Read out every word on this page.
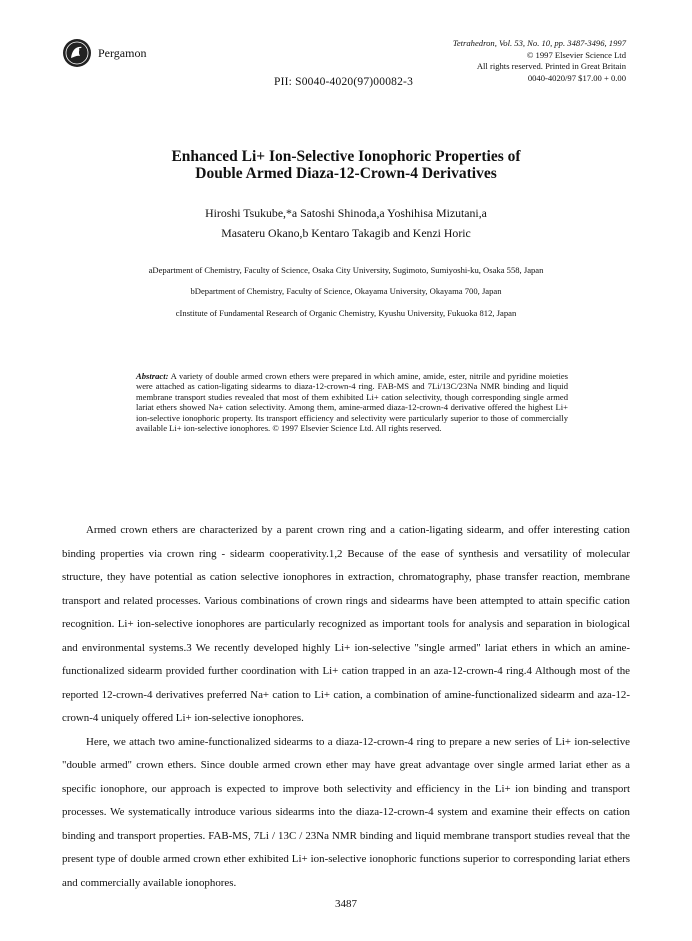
Pergamon
Tetrahedron, Vol. 53, No. 10, pp. 3487-3496, 1997
© 1997 Elsevier Science Ltd
All rights reserved. Printed in Great Britain
0040-4020/97 $17.00 + 0.00
PII: S0040-4020(97)00082-3
Enhanced Li+ Ion-Selective Ionophoric Properties of
Double Armed Diaza-12-Crown-4 Derivatives
Hiroshi Tsukube,*a Satoshi Shinoda,a Yoshihisa Mizutani,a
Masateru Okano,b Kentaro Takagib and Kenzi Horic
aDepartment of Chemistry, Faculty of Science, Osaka City University, Sugimoto, Sumiyoshi-ku, Osaka 558, Japan
bDepartment of Chemistry, Faculty of Science, Okayama University, Okayama 700, Japan
cInstitute of Fundamental Research of Organic Chemistry, Kyushu University, Fukuoka 812, Japan
Abstract: A variety of double armed crown ethers were prepared in which amine, amide, ester, nitrile and pyridine moieties were attached as cation-ligating sidearms to diaza-12-crown-4 ring. FAB-MS and 7Li/13C/23Na NMR binding and liquid membrane transport studies revealed that most of them exhibited Li+ cation selectivity, though corresponding single armed lariat ethers showed Na+ cation selectivity. Among them, amine-armed diaza-12-crown-4 derivative offered the highest Li+ ion-selective ionophoric property. Its transport efficiency and selectivity were particularly superior to those of commercially available Li+ ion-selective ionophores. © 1997 Elsevier Science Ltd. All rights reserved.

Armed crown ethers are characterized by a parent crown ring and a cation-ligating sidearm, and offer interesting cation binding properties via crown ring - sidearm cooperativity.1,2 Because of the ease of synthesis and versatility of molecular structure, they have potential as cation selective ionophores in extraction, chromatography, phase transfer reaction, membrane transport and related processes. Various combinations of crown rings and sidearms have been attempted to attain specific cation recognition. Li+ ion-selective ionophores are particularly recognized as important tools for analysis and separation in biological and environmental systems.3 We recently developed highly Li+ ion-selective "single armed" lariat ethers in which an amine-functionalized sidearm provided further coordination with Li+ cation trapped in an aza-12-crown-4 ring.4 Although most of the reported 12-crown-4 derivatives preferred Na+ cation to Li+ cation, a combination of amine-functionalized sidearm and aza-12-crown-4 uniquely offered Li+ ion-selective ionophores.

Here, we attach two amine-functionalized sidearms to a diaza-12-crown-4 ring to prepare a new series of Li+ ion-selective "double armed" crown ethers. Since double armed crown ether may have great advantage over single armed lariat ether as a specific ionophore, our approach is expected to improve both selectivity and efficiency in the Li+ ion binding and transport processes. We systematically introduce various sidearms into the diaza-12-crown-4 system and examine their effects on cation binding and transport properties. FAB-MS, 7Li / 13C / 23Na NMR binding and liquid membrane transport studies reveal that the present type of double armed crown ether exhibited Li+ ion-selective ionophoric functions superior to corresponding lariat ethers and commercially available ionophores.

3487
